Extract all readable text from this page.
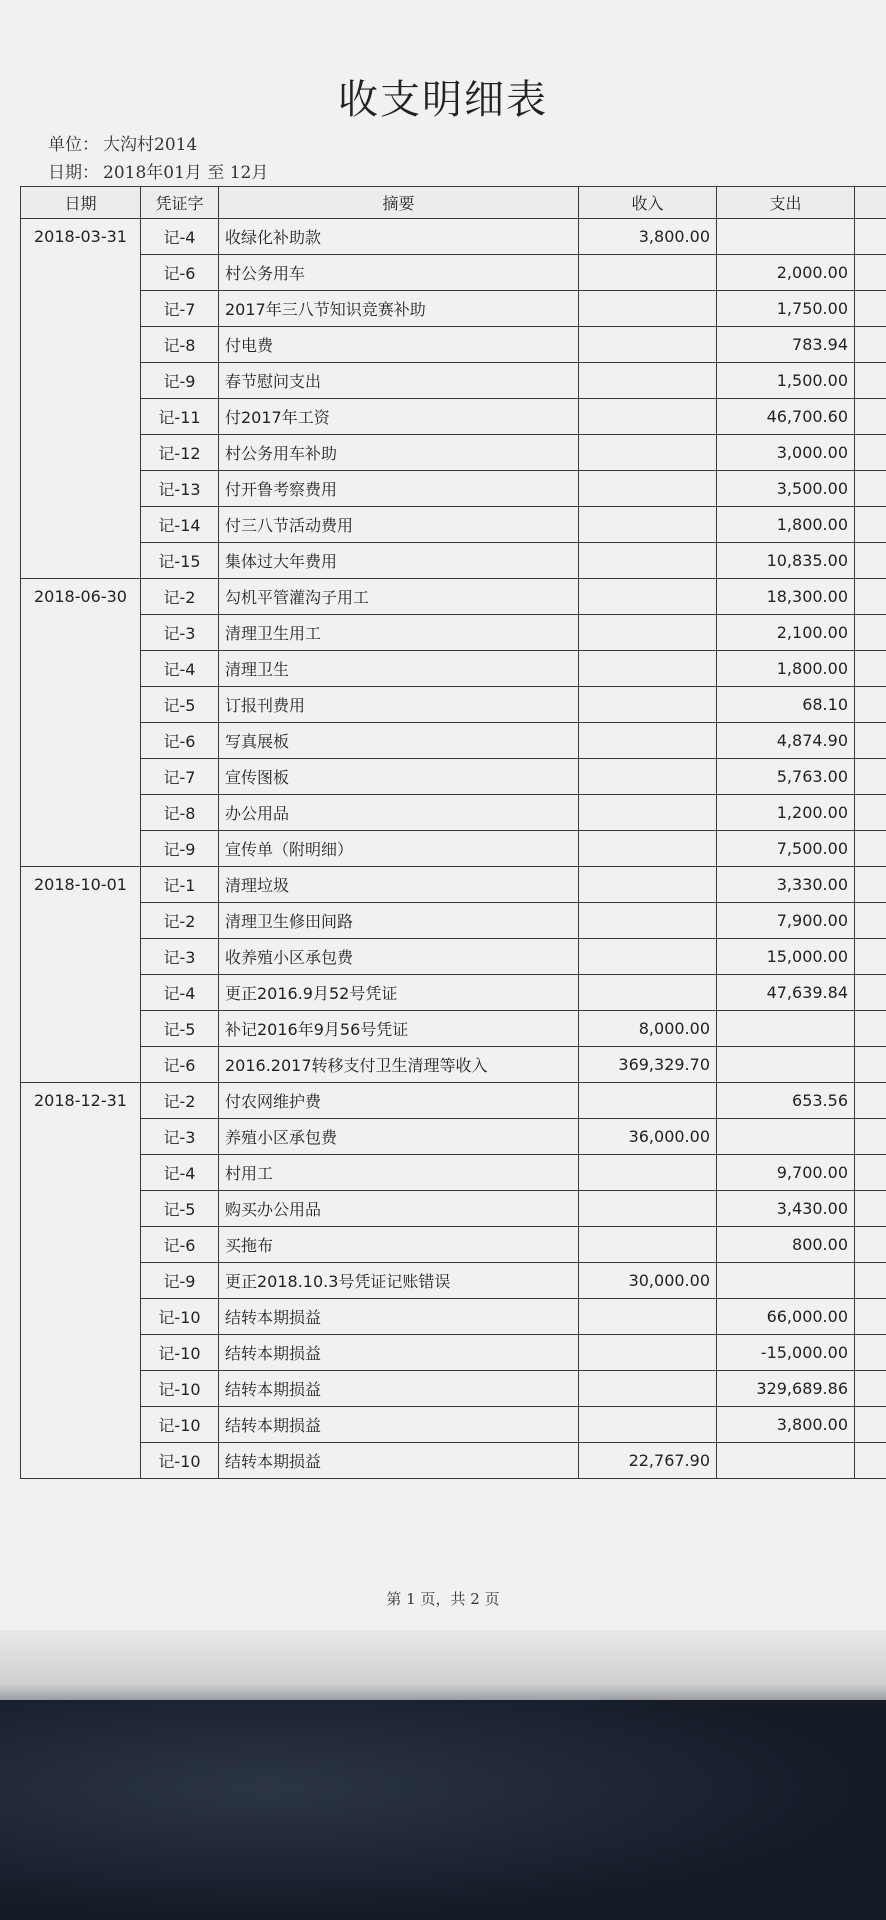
收支明细表
单位： 大沟村2014
日期： 2018年01月 至 12月
日期	凭证字	摘要	收入	支出	
2018-03-31	记-4	收绿化补助款	3,800.00		
	记-6	村公务用车		2,000.00	
	记-7	2017年三八节知识竞赛补助		1,750.00	
	记-8	付电费		783.94	
	记-9	春节慰问支出		1,500.00	
	记-11	付2017年工资		46,700.60	
	记-12	村公务用车补助		3,000.00	
	记-13	付开鲁考察费用		3,500.00	
	记-14	付三八节活动费用		1,800.00	
	记-15	集体过大年费用		10,835.00	
2018-06-30	记-2	勾机平管灌沟子用工		18,300.00	
	记-3	清理卫生用工		2,100.00	
	记-4	清理卫生		1,800.00	
	记-5	订报刊费用		68.10	
	记-6	写真展板		4,874.90	
	记-7	宣传图板		5,763.00	
	记-8	办公用品		1,200.00	
	记-9	宣传单（附明细）		7,500.00	
2018-10-01	记-1	清理垃圾		3,330.00	
	记-2	清理卫生修田间路		7,900.00	
	记-3	收养殖小区承包费		15,000.00	
	记-4	更正2016.9月52号凭证		47,639.84	
	记-5	补记2016年9月56号凭证	8,000.00		
	记-6	2016.2017转移支付卫生清理等收入	369,329.70		
2018-12-31	记-2	付农网维护费		653.56	
	记-3	养殖小区承包费	36,000.00		
	记-4	村用工		9,700.00	
	记-5	购买办公用品		3,430.00	
	记-6	买拖布		800.00	
	记-9	更正2018.10.3号凭证记账错误	30,000.00		
	记-10	结转本期损益		66,000.00	
	记-10	结转本期损益		-15,000.00	
	记-10	结转本期损益		329,689.86	
	记-10	结转本期损益		3,800.00	
	记-10	结转本期损益	22,767.90		
第 1 页，共 2 页
